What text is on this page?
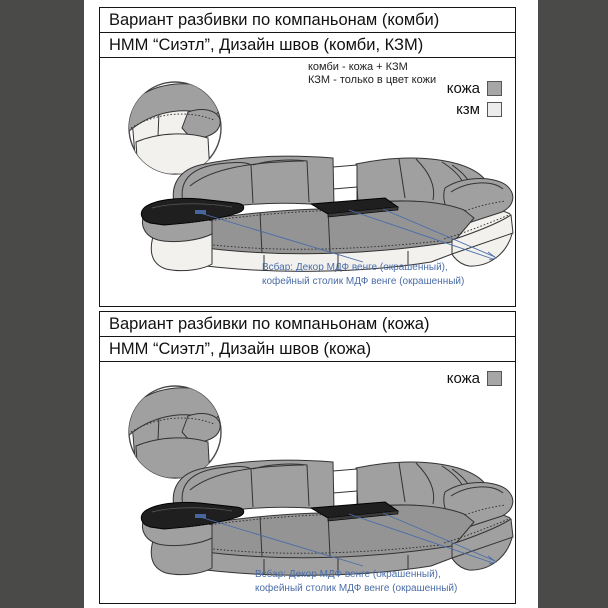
Вариант разбивки по компаньонам (комби)
НММ “Сиэтл”, Дизайн швов (комби, КЗМ)
комби - кожа + КЗМ
КЗМ - только в цвет кожи кожа
кзм
Всбар: Декор МДФ венге (окрашенный),
кофейный столик МДФ венге (окрашенный)
Вариант разбивки по компаньонам (кожа)
НММ “Сиэтл”, Дизайн швов (кожа)
кожа
Всбар: Декор МДФ венге (окрашенный),
кофейный столик МДФ венге (окрашенный)
